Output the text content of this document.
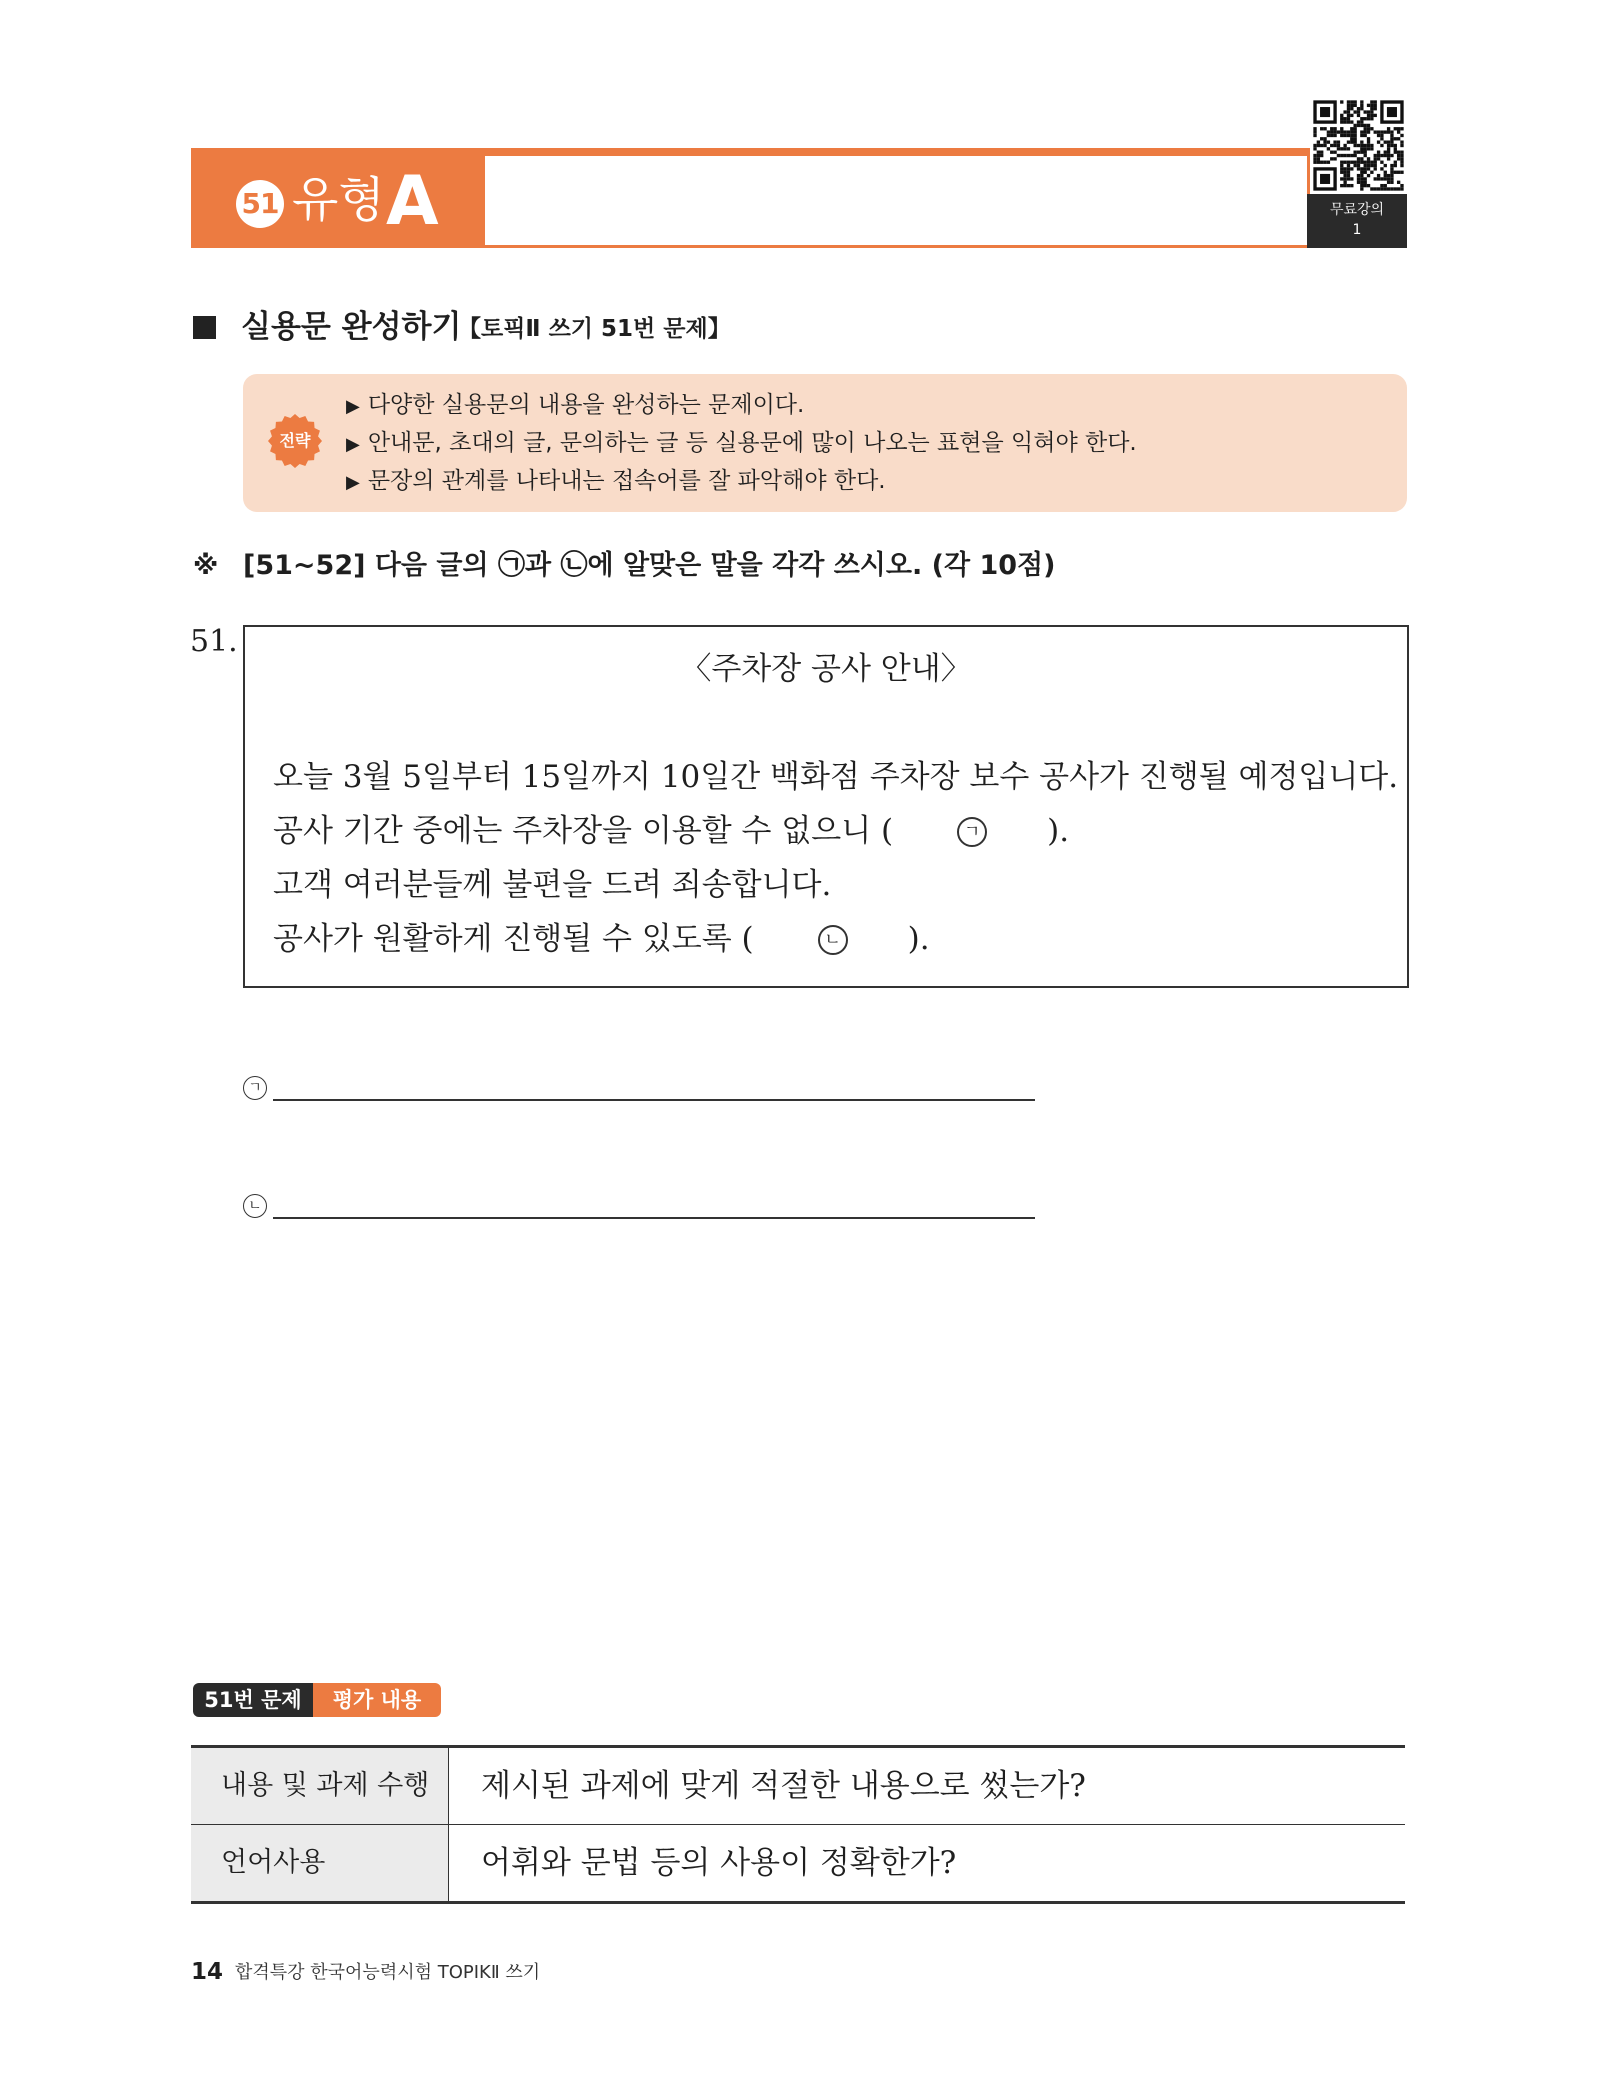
51 유형 A	무료강의
1
실용문 완성하기
【토픽Ⅱ 쓰기 51번 문제】
전략
▶ 다양한 실용문의 내용을 완성하는 문제이다.
▶ 안내문, 초대의 글, 문의하는 글 등 실용문에 많이 나오는 표현을 익혀야 한다.
▶ 문장의 관계를 나타내는 접속어를 잘 파악해야 한다.
※ [51~52] 다음 글의 ㉠과 ㉡에 알맞은 말을 각각 쓰시오. (각 10점)
51.
〈주차장 공사 안내〉
오늘 3월 5일부터 15일까지 10일간 백화점 주차장 보수 공사가 진행될 예정입니다.
공사 기간 중에는 주차장을 이용할 수 없으니 (	ㄱ ).
고객 여러분들께 불편을 드려 죄송합니다.
공사가 원활하게 진행될 수 있도록 (	ㄴ ).
ㄱ
ㄴ
51번 문제	평가 내용
내용 및 과제 수행	제시된 과제에 맞게 적절한 내용으로 썼는가?
언어사용	어휘와 문법 등의 사용이 정확한가?
14 합격특강 한국어능력시험 TOPIKⅡ 쓰기
